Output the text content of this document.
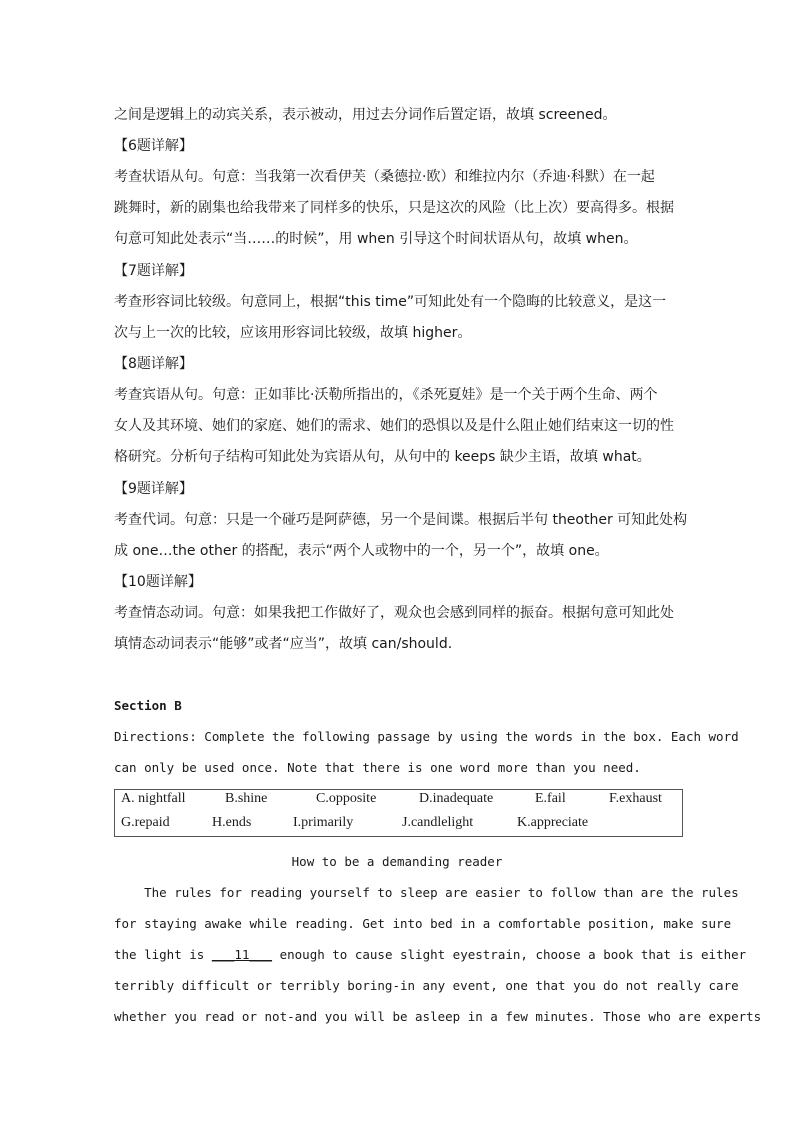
之间是逻辑上的动宾关系，表示被动，用过去分词作后置定语，故填 screened。
【6题详解】
考查状语从句。句意：当我第一次看伊芙（桑德拉·欧）和维拉内尔（乔迪·科默）在一起
跳舞时，新的剧集也给我带来了同样多的快乐，只是这次的风险（比上次）要高得多。根据
句意可知此处表示“当……的时候”，用 when 引导这个时间状语从句，故填 when。
【7题详解】
考查形容词比较级。句意同上，根据“this time”可知此处有一个隐晦的比较意义，是这一
次与上一次的比较，应该用形容词比较级，故填 higher。
【8题详解】
考查宾语从句。句意：正如菲比·沃勒所指出的，《杀死夏娃》是一个关于两个生命、两个
女人及其环境、她们的家庭、她们的需求、她们的恐惧以及是什么阻止她们结束这一切的性
格研究。分析句子结构可知此处为宾语从句，从句中的 keeps 缺少主语，故填 what。
【9题详解】
考查代词。句意：只是一个碰巧是阿萨德，另一个是间谍。根据后半句 theother 可知此处构
成 one…the other 的搭配，表示“两个人或物中的一个，另一个”，故填 one。
【10题详解】
考查情态动词。句意：如果我把工作做好了，观众也会感到同样的振奋。根据句意可知此处
填情态动词表示“能够”或者“应当”，故填 can/should.
Section B
Directions: Complete the following passage by using the words in the box. Each word
can only be used once. Note that there is one word more than you need.
A. nightfall	B.shine	C.opposite	D.inadequate	E.fail	F.exhaust
G.repaid	H.ends	I.primarily	J.candlelight	K.appreciate
How to be a demanding reader
The rules for reading yourself to sleep are easier to follow than are the rules
for staying awake while reading. Get into bed in a comfortable position, make sure
the light is ___11___ enough to cause slight eyestrain, choose a book that is either
terribly difficult or terribly boring-in any event, one that you do not really care
whether you read or not-and you will be asleep in a few minutes. Those who are experts
